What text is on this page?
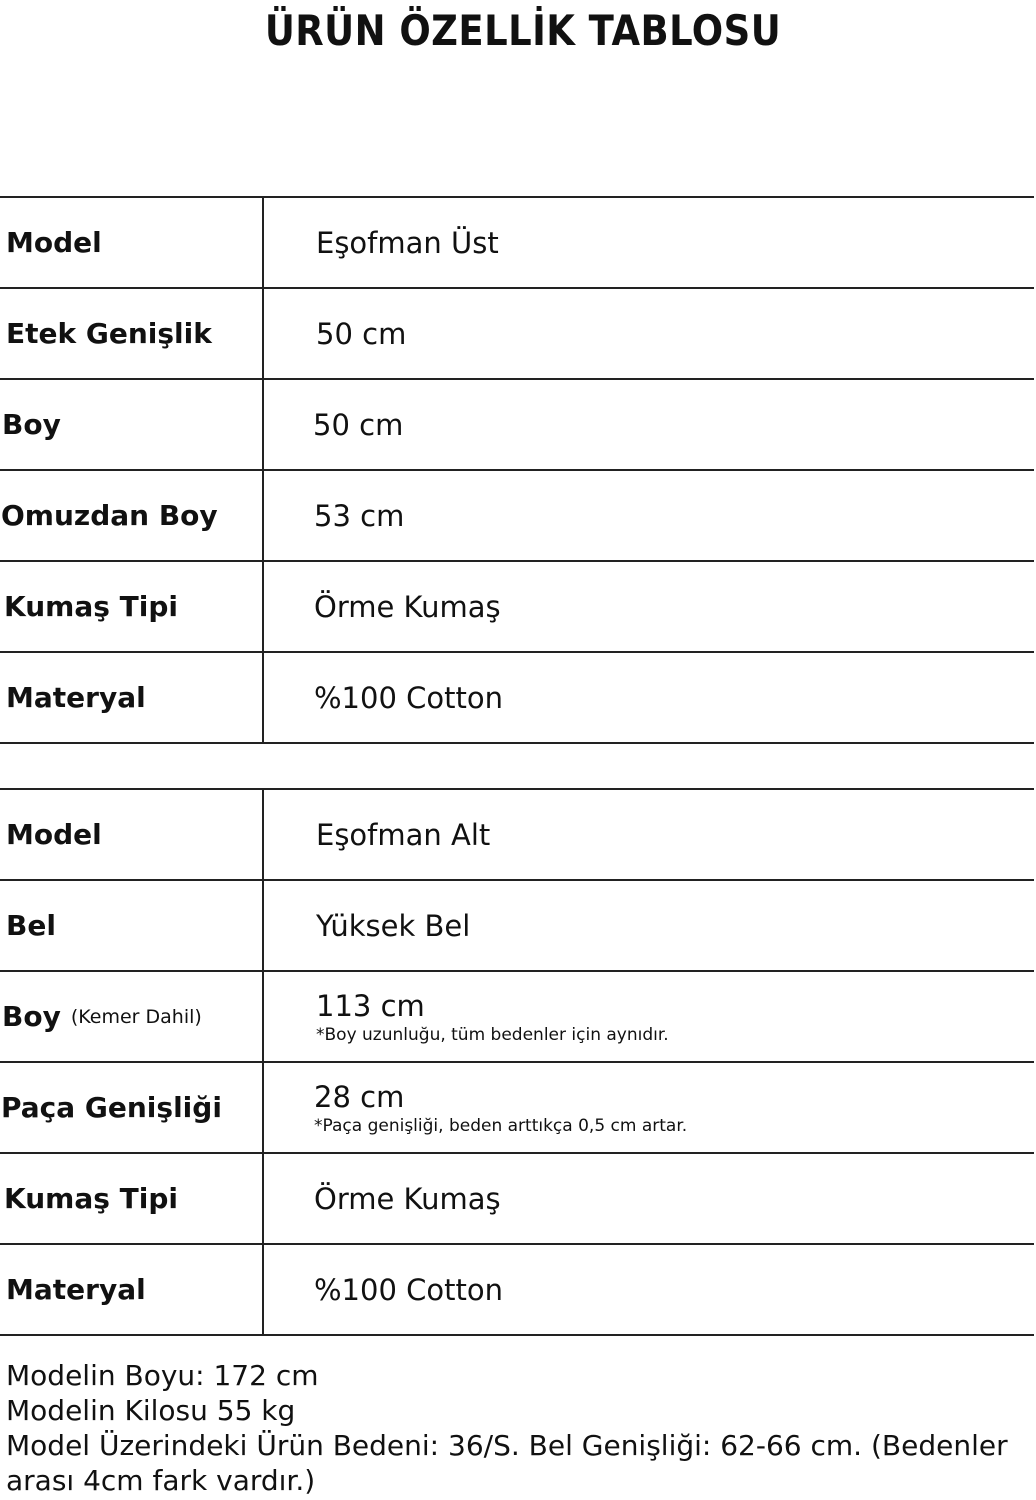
ÜRÜN ÖZELLİK TABLOSU
Model	Eşofman Üst
Etek Genişlik	50 cm
Boy	50 cm
Omuzdan Boy	53 cm
Kumaş Tipi	Örme Kumaş
Materyal	%100 Cotton
Model	Eşofman Alt
Bel	Yüksek Bel
Boy (Kemer Dahil)	113 cm
*Boy uzunluğu, tüm bedenler için aynıdır.
Paça Genişliği	28 cm
*Paça genişliği, beden arttıkça 0,5 cm artar.
Kumaş Tipi	Örme Kumaş
Materyal	%100 Cotton
Modelin Boyu: 172 cm
Modelin Kilosu 55 kg
Model Üzerindeki Ürün Bedeni: 36/S. Bel Genişliği: 62-66 cm. (Bedenler arası 4cm fark vardır.)
